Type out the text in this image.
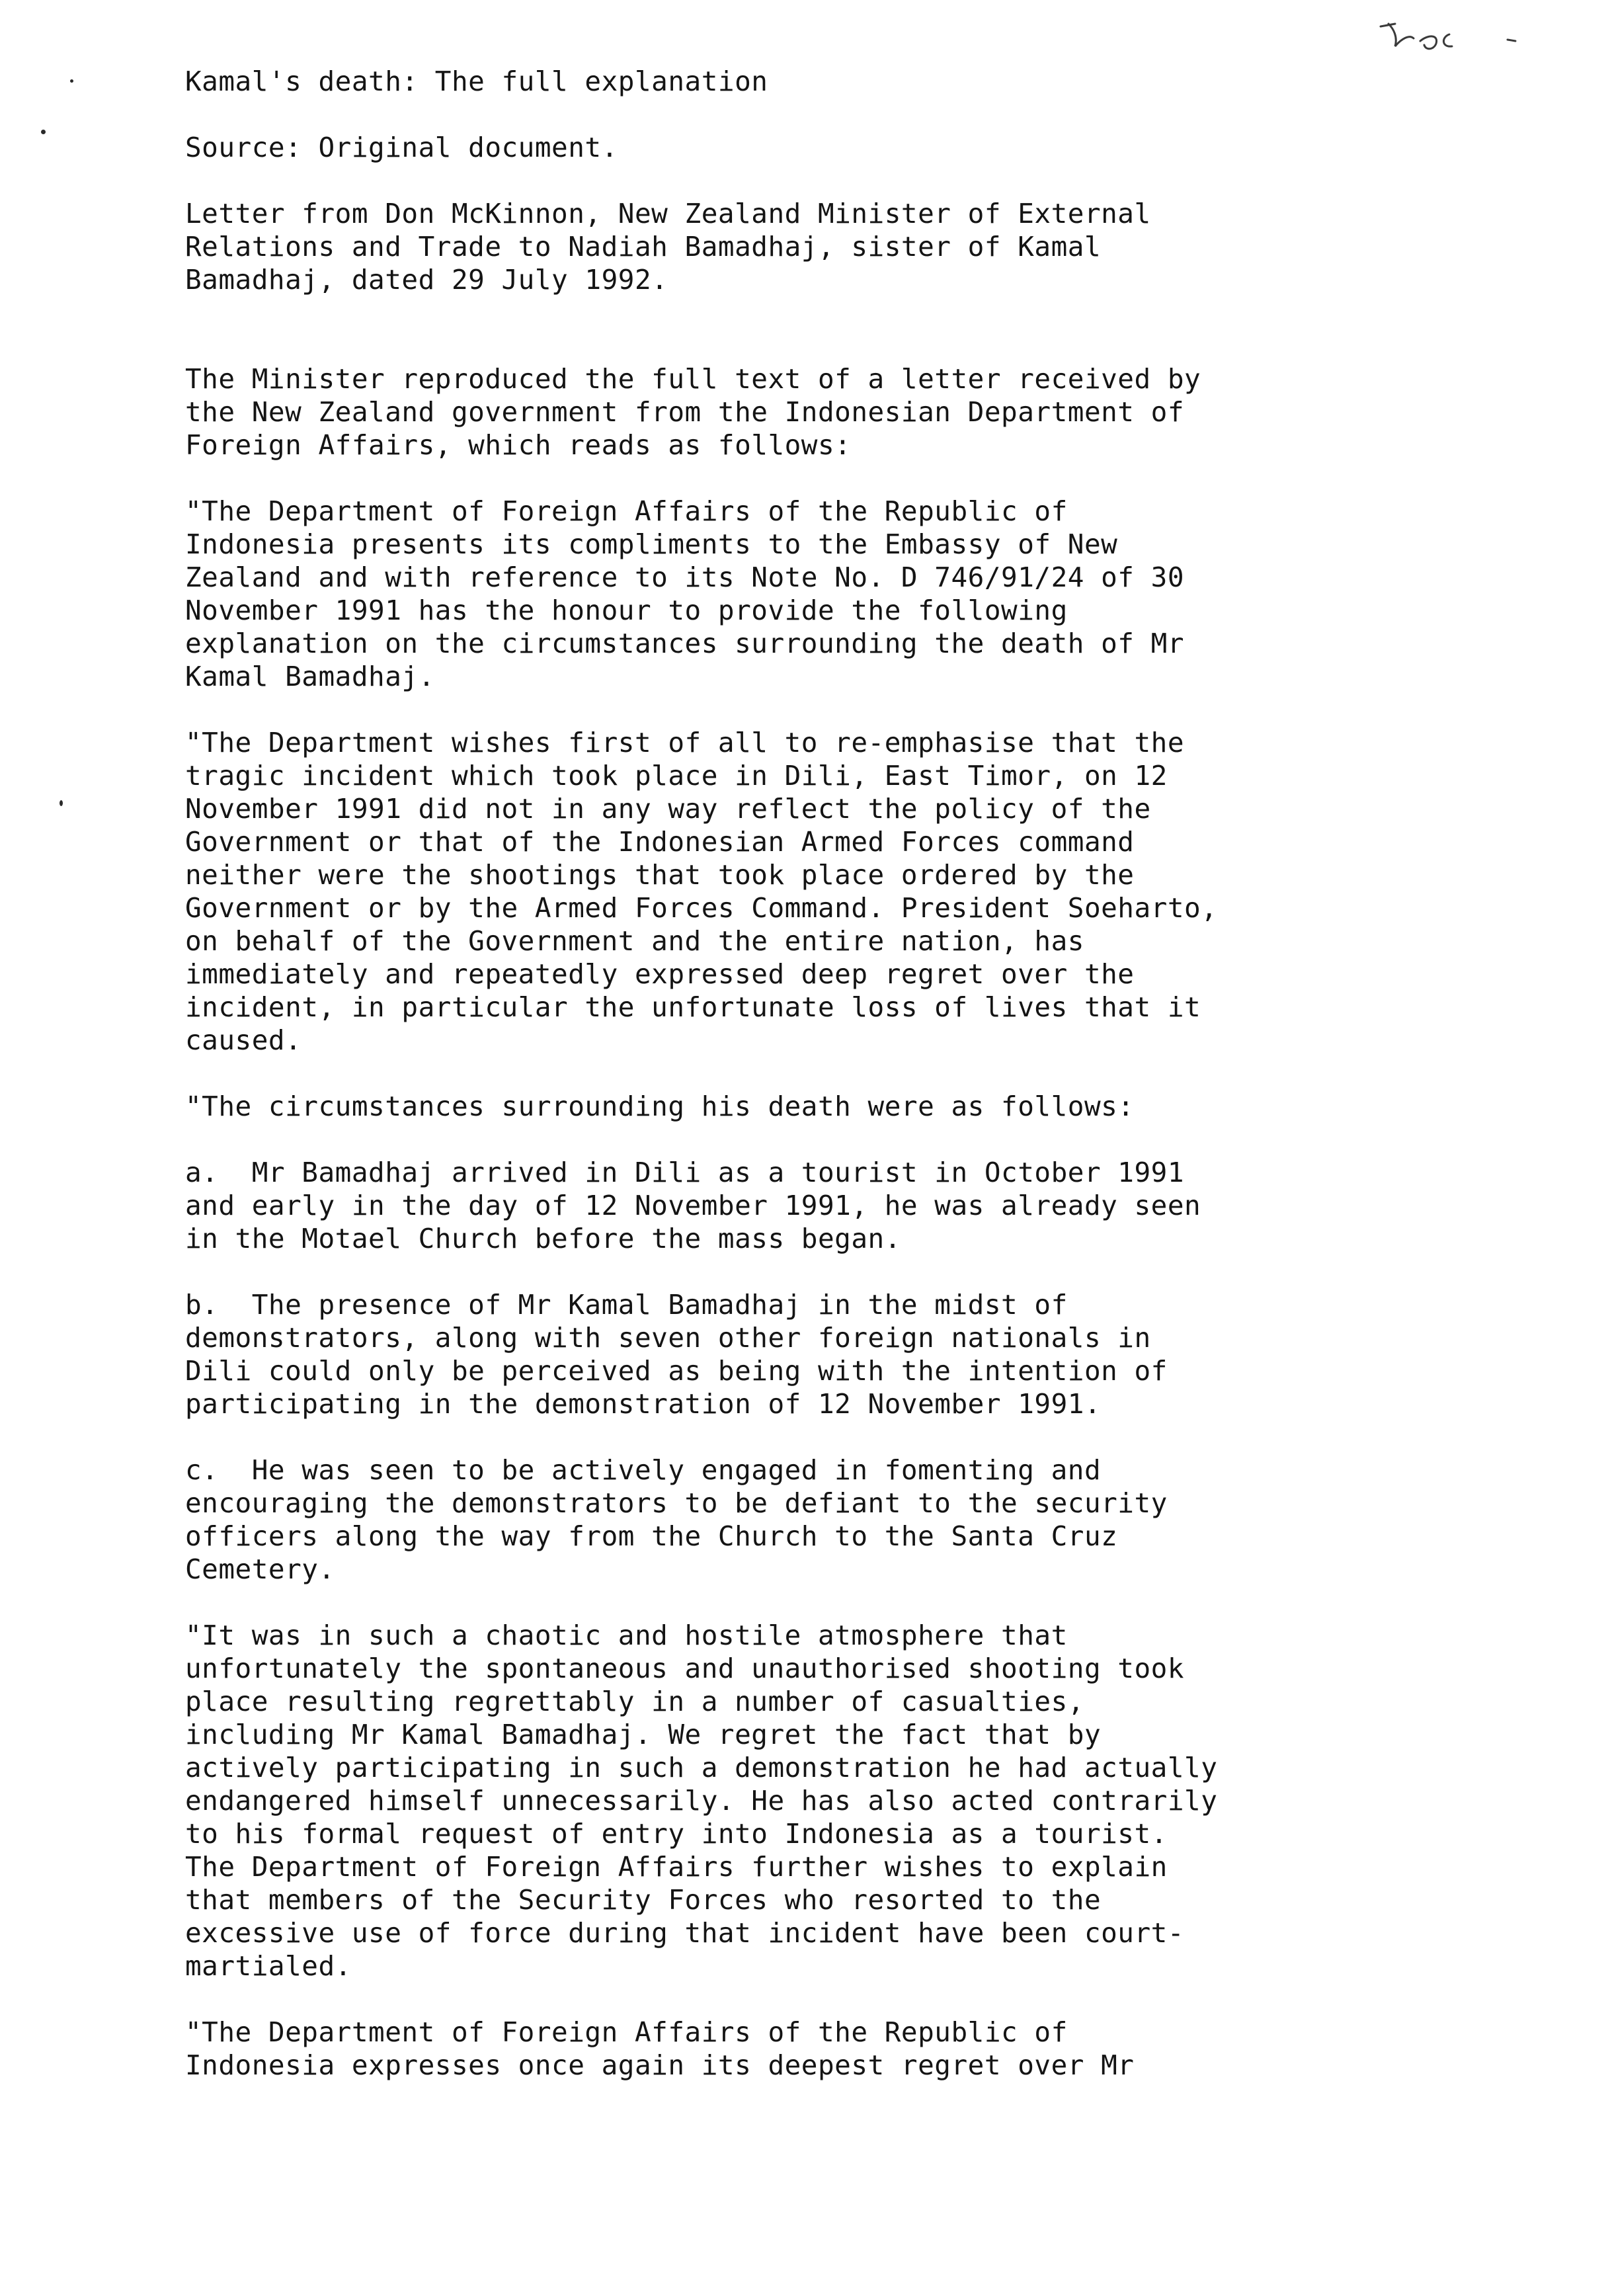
Kamal's death: The full explanation
Source: Original document.
Letter from Don McKinnon, New Zealand Minister of External
Relations and Trade to Nadiah Bamadhaj, sister of Kamal
Bamadhaj, dated 29 July 1992.
The Minister reproduced the full text of a letter received by
the New Zealand government from the Indonesian Department of
Foreign Affairs, which reads as follows:
"The Department of Foreign Affairs of the Republic of
Indonesia presents its compliments to the Embassy of New
Zealand and with reference to its Note No. D 746/91/24 of 30
November 1991 has the honour to provide the following
explanation on the circumstances surrounding the death of Mr
Kamal Bamadhaj.
"The Department wishes first of all to re-emphasise that the
tragic incident which took place in Dili, East Timor, on 12
November 1991 did not in any way reflect the policy of the
Government or that of the Indonesian Armed Forces command
neither were the shootings that took place ordered by the
Government or by the Armed Forces Command. President Soeharto,
on behalf of the Government and the entire nation, has
immediately and repeatedly expressed deep regret over the
incident, in particular the unfortunate loss of lives that it
caused.
"The circumstances surrounding his death were as follows:
a.  Mr Bamadhaj arrived in Dili as a tourist in October 1991
and early in the day of 12 November 1991, he was already seen
in the Motael Church before the mass began.
b.  The presence of Mr Kamal Bamadhaj in the midst of
demonstrators, along with seven other foreign nationals in
Dili could only be perceived as being with the intention of
participating in the demonstration of 12 November 1991.
c.  He was seen to be actively engaged in fomenting and
encouraging the demonstrators to be defiant to the security
officers along the way from the Church to the Santa Cruz
Cemetery.
"It was in such a chaotic and hostile atmosphere that
unfortunately the spontaneous and unauthorised shooting took
place resulting regrettably in a number of casualties,
including Mr Kamal Bamadhaj. We regret the fact that by
actively participating in such a demonstration he had actually
endangered himself unnecessarily. He has also acted contrarily
to his formal request of entry into Indonesia as a tourist.
The Department of Foreign Affairs further wishes to explain
that members of the Security Forces who resorted to the
excessive use of force during that incident have been court-
martialed.
"The Department of Foreign Affairs of the Republic of
Indonesia expresses once again its deepest regret over Mr
